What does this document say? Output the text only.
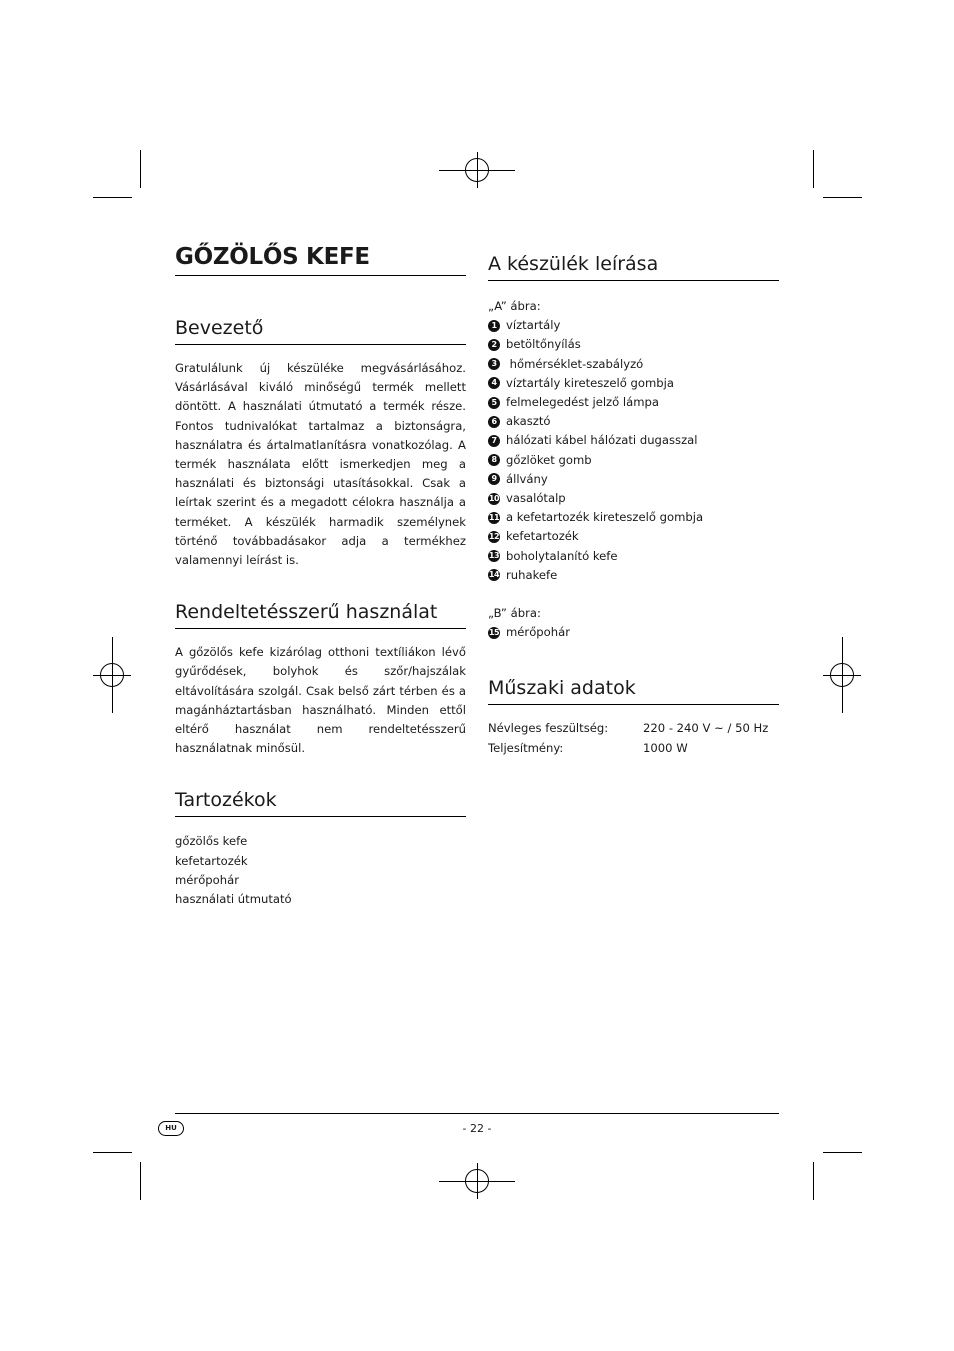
GŐZÖLŐS KEFE
Bevezető

Gratulálunk új készüléke megvásárlásához. Vásárlásával kiváló minőségű termék mellett döntött. A használati útmutató a termék része. Fontos tudnivalókat tartalmaz a biztonságra, használatra és ártalmatlanításra vonatkozólag. A termék használata előtt ismerkedjen meg a használati és biztonsági utasításokkal. Csak a leírtak szerint és a megadott célokra használja a terméket. A készülék harmadik személynek történő továbbadásakor adja a termékhez valamennyi leírást is.

Rendeltetésszerű használat

A gőzölős kefe kizárólag otthoni textíliákon lévő gyűrődések, bolyhok és szőr/hajszálak eltávolítására szolgál. Csak belső zárt térben és a magánháztartásban használható. Minden ettől eltérő használat nem rendeltetésszerű használatnak minősül.

Tartozékok
gőzölős kefe
kefetartozék
mérőpohár
használati útmutató
A készülék leírása
„A” ábra:
1 víztartály
2 betöltőnyílás
3 hőmérséklet-szabályzó
4 víztartály kireteszelő gombja
5 felmelegedést jelző lámpa
6 akasztó
7 hálózati kábel hálózati dugasszal
8 gőzlöket gomb
9 állvány
10 vasalótalp
11 a kefetartozék kireteszelő gombja
12 kefetartozék
13 boholytalanító kefe
14 ruhakefe
„B” ábra:
15 mérőpohár
Műszaki adatok
Névleges feszültség:	220 - 240 V ~ / 50 Hz
Teljesítmény:	1000 W
HU	- 22 -
